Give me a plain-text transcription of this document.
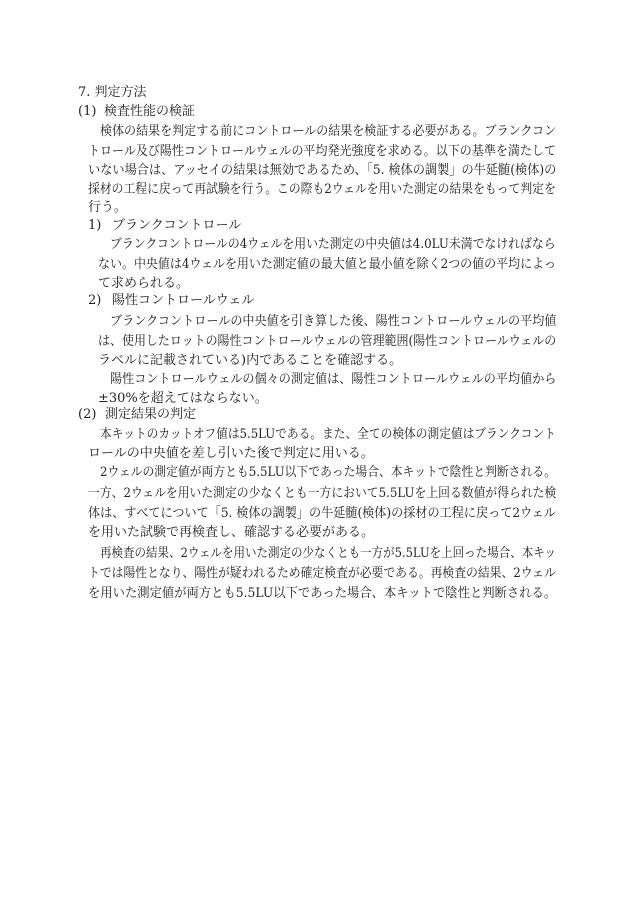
7. 判定方法
(1) 検査性能の検証
検体の結果を判定する前にコントロールの結果を検証する必要がある。ブランクコン
トロール及び陽性コントロールウェルの平均発光強度を求める。以下の基準を満たして
いない場合は、アッセイの結果は無効であるため、「5. 検体の調製」の牛延髄(検体)の
採材の工程に戻って再試験を行う。この際も2ウェルを用いた測定の結果をもって判定を
行う。
1) ブランクコントロール
ブランクコントロールの4ウェルを用いた測定の中央値は4.0LU未満でなければなら
ない。中央値は4ウェルを用いた測定値の最大値と最小値を除く2つの値の平均によっ
て求められる。
2) 陽性コントロールウェル
ブランクコントロールの中央値を引き算した後、陽性コントロールウェルの平均値
は、使用したロットの陽性コントロールウェルの管理範囲(陽性コントロールウェルの
ラベルに記載されている)内であることを確認する。
陽性コントロールウェルの個々の測定値は、陽性コントロールウェルの平均値から
±30%を超えてはならない。
(2) 測定結果の判定
本キットのカットオフ値は5.5LUである。また、全ての検体の測定値はブランクコント
ロールの中央値を差し引いた後で判定に用いる。
2ウェルの測定値が両方とも5.5LU以下であった場合、本キットで陰性と判断される。
一方、2ウェルを用いた測定の少なくとも一方において5.5LUを上回る数値が得られた検
体は、すべてについて「5. 検体の調製」の牛延髄(検体)の採材の工程に戻って2ウェル
を用いた試験で再検査し、確認する必要がある。
再検査の結果、2ウェルを用いた測定の少なくとも一方が5.5LUを上回った場合、本キッ
トでは陽性となり、陽性が疑われるため確定検査が必要である。再検査の結果、2ウェル
を用いた測定値が両方とも5.5LU以下であった場合、本キットで陰性と判断される。
